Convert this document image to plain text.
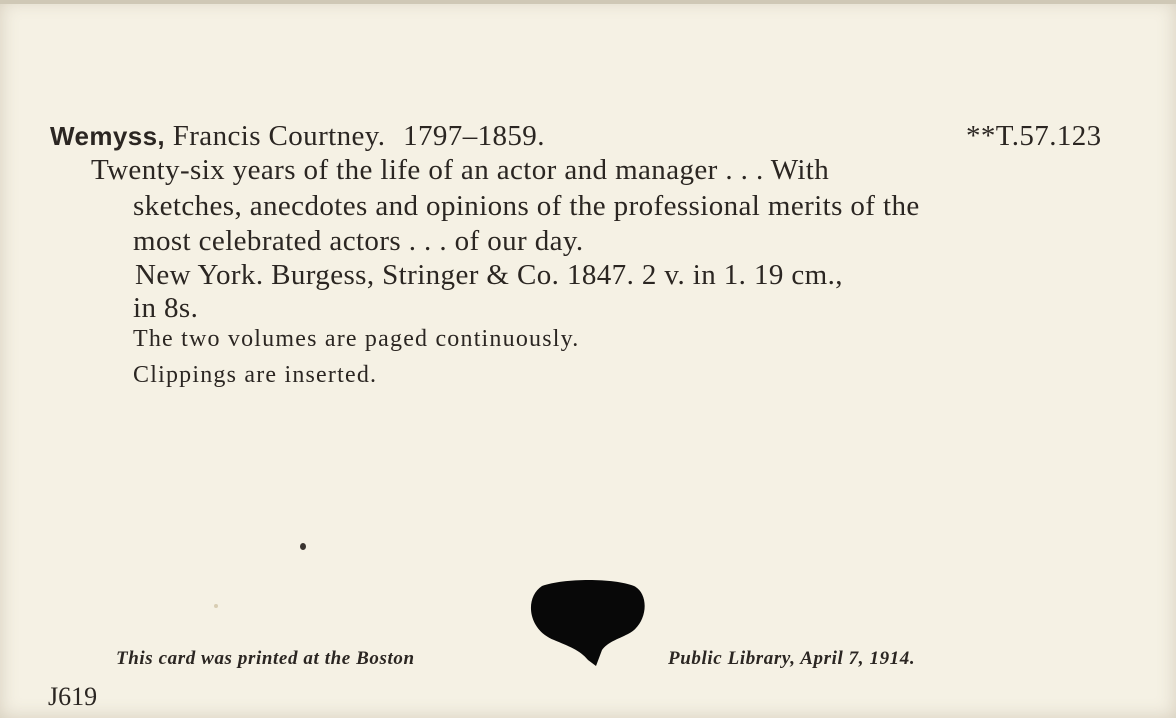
Wemyss, Francis Courtney. 1797–1859.	**T.57.123
Twenty-six years of the life of an actor and manager . . . With
sketches, anecdotes and opinions of the professional merits of the
most celebrated actors . . . of our day.
New York. Burgess, Stringer & Co. 1847. 2 v. in 1. 19 cm.,
in 8s.
The two volumes are paged continuously.
Clippings are inserted.
This card was printed at the Boston	Public Library, April 7, 1914.
J619
